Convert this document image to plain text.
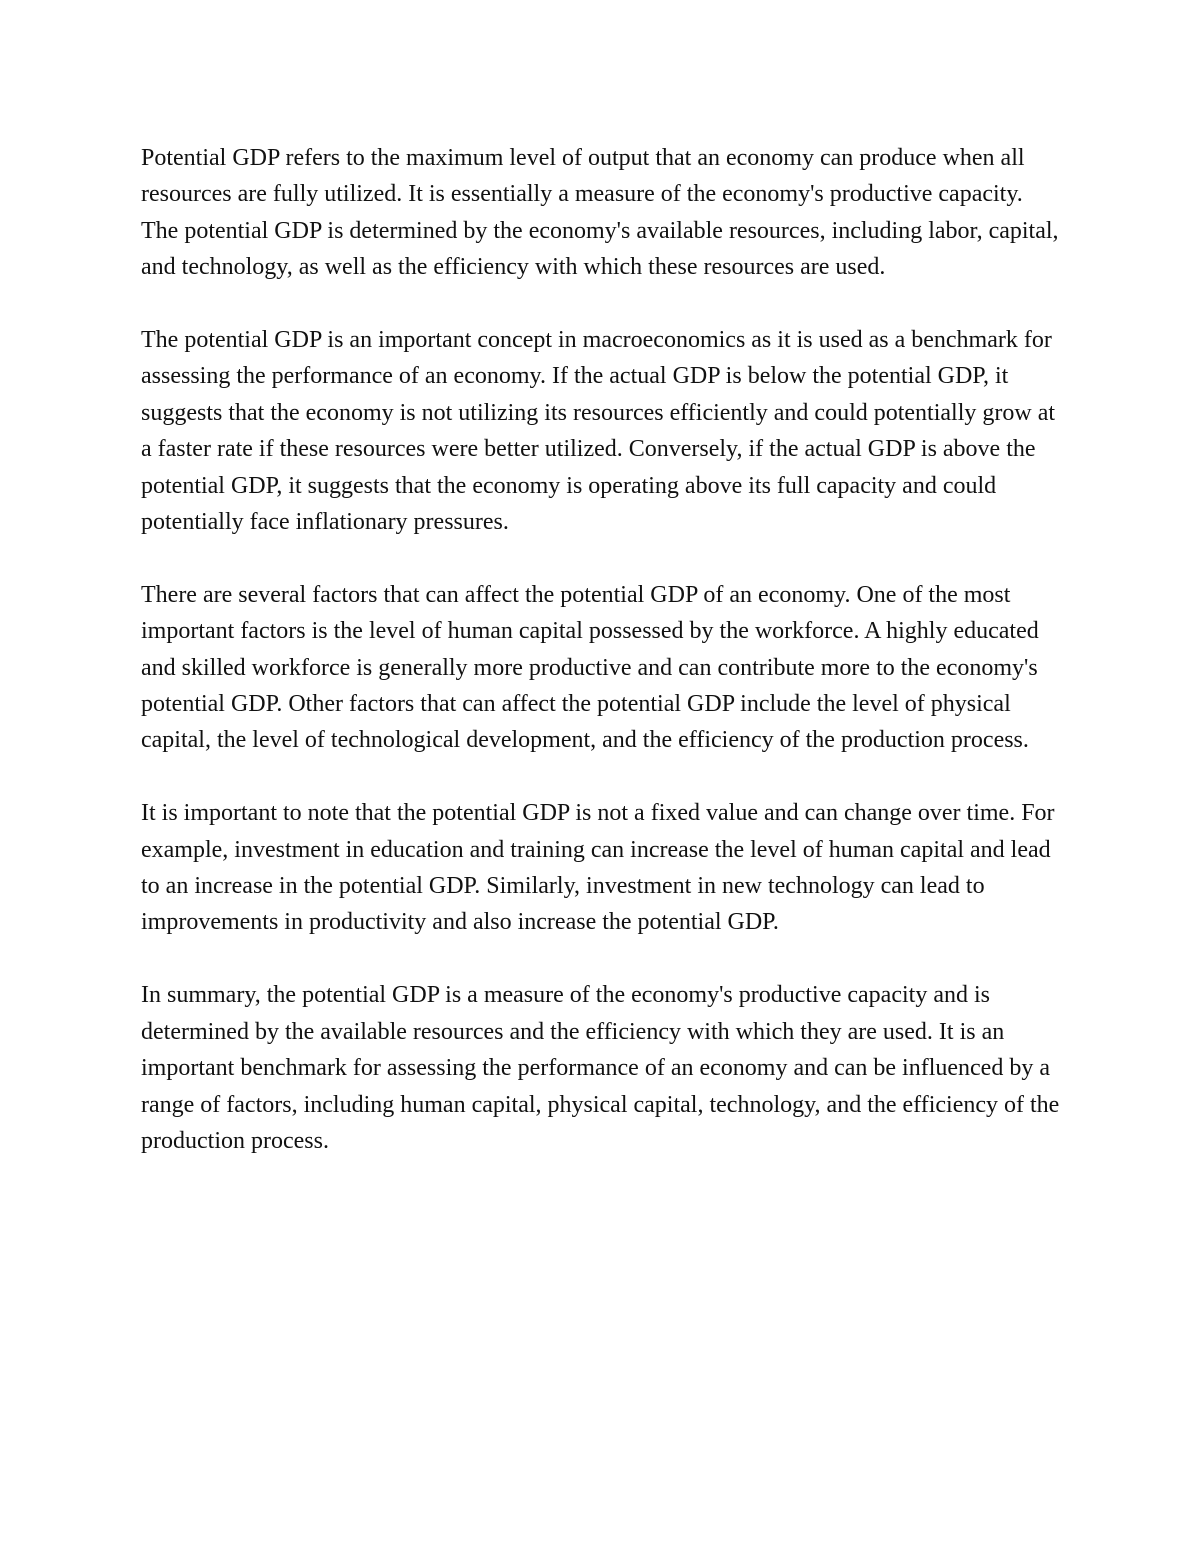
Potential GDP refers to the maximum level of output that an economy can produce when all resources are fully utilized. It is essentially a measure of the economy's productive capacity. The potential GDP is determined by the economy's available resources, including labor, capital, and technology, as well as the efficiency with which these resources are used.

The potential GDP is an important concept in macroeconomics as it is used as a benchmark for assessing the performance of an economy. If the actual GDP is below the potential GDP, it suggests that the economy is not utilizing its resources efficiently and could potentially grow at a faster rate if these resources were better utilized. Conversely, if the actual GDP is above the potential GDP, it suggests that the economy is operating above its full capacity and could potentially face inflationary pressures.

There are several factors that can affect the potential GDP of an economy. One of the most important factors is the level of human capital possessed by the workforce. A highly educated and skilled workforce is generally more productive and can contribute more to the economy's potential GDP. Other factors that can affect the potential GDP include the level of physical capital, the level of technological development, and the efficiency of the production process.

It is important to note that the potential GDP is not a fixed value and can change over time. For example, investment in education and training can increase the level of human capital and lead to an increase in the potential GDP. Similarly, investment in new technology can lead to improvements in productivity and also increase the potential GDP.

In summary, the potential GDP is a measure of the economy's productive capacity and is determined by the available resources and the efficiency with which they are used. It is an important benchmark for assessing the performance of an economy and can be influenced by a range of factors, including human capital, physical capital, technology, and the efficiency of the production process.
